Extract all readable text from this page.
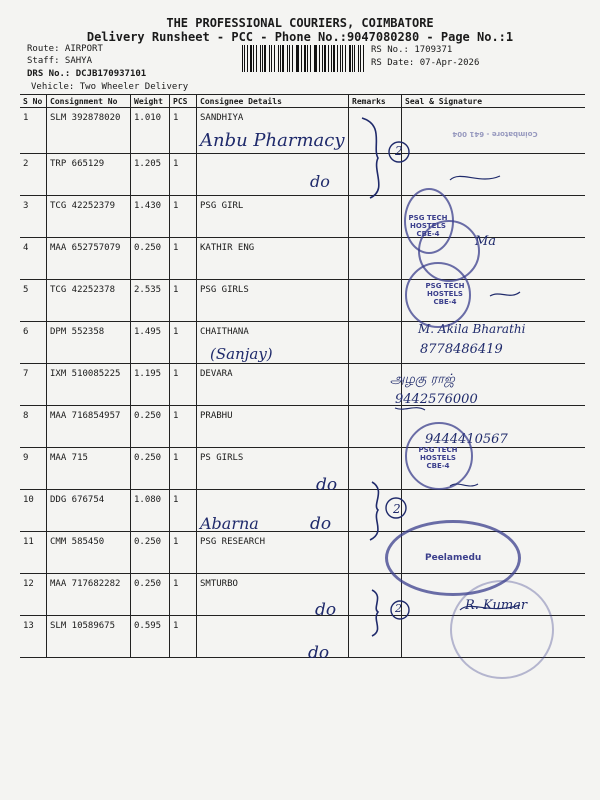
THE PROFESSIONAL COURIERS, COIMBATORE
Delivery Runsheet - PCC - Phone No.:9047080280 - Page No.:1
Route: AIRPORT
Staff: SAHYA
DRS No.: DCJB170937101
Vehicle: Two Wheeler Delivery
RS No.: 1709371
RS Date: 07-Apr-2026
S No	Consignment No	Weight	PCS	Consignee Details	Remarks	Seal & Signature
1	SLM 392878020	1.010	1	SANDHIYA		
2	TRP 665129	1.205	1			
3	TCG 42252379	1.430	1	PSG GIRL		
4	MAA 652757079	0.250	1	KATHIR ENG		
5	TCG 42252378	2.535	1	PSG GIRLS		
6	DPM 552358	1.495	1	CHAITHANA		
7	IXM 510085225	1.195	1	DEVARA		
8	MAA 716854957	0.250	1	PRABHU		
9	MAA 715	0.250	1	PS GIRLS		
10	DDG 676754	1.080	1			
11	CMM 585450	0.250	1	PSG RESEARCH		
12	MAA 717682282	0.250	1	SMTURBO		
13	SLM 10589675	0.595	1			
Anbu Pharmacy
do
2
(Sanjay)
M. Akila Bharathi
8778486419
அழகு ராஜ்
9442576000
9444410567
do
Abarna	do
2
do
do
2
Ma
R. Kumar
PSG TECH HOSTELS CBE-4
PSG TECH HOSTELS CBE-4
PSG TECH HOSTELS CBE-4
Peelamedu
Coimbatore - 641 004
